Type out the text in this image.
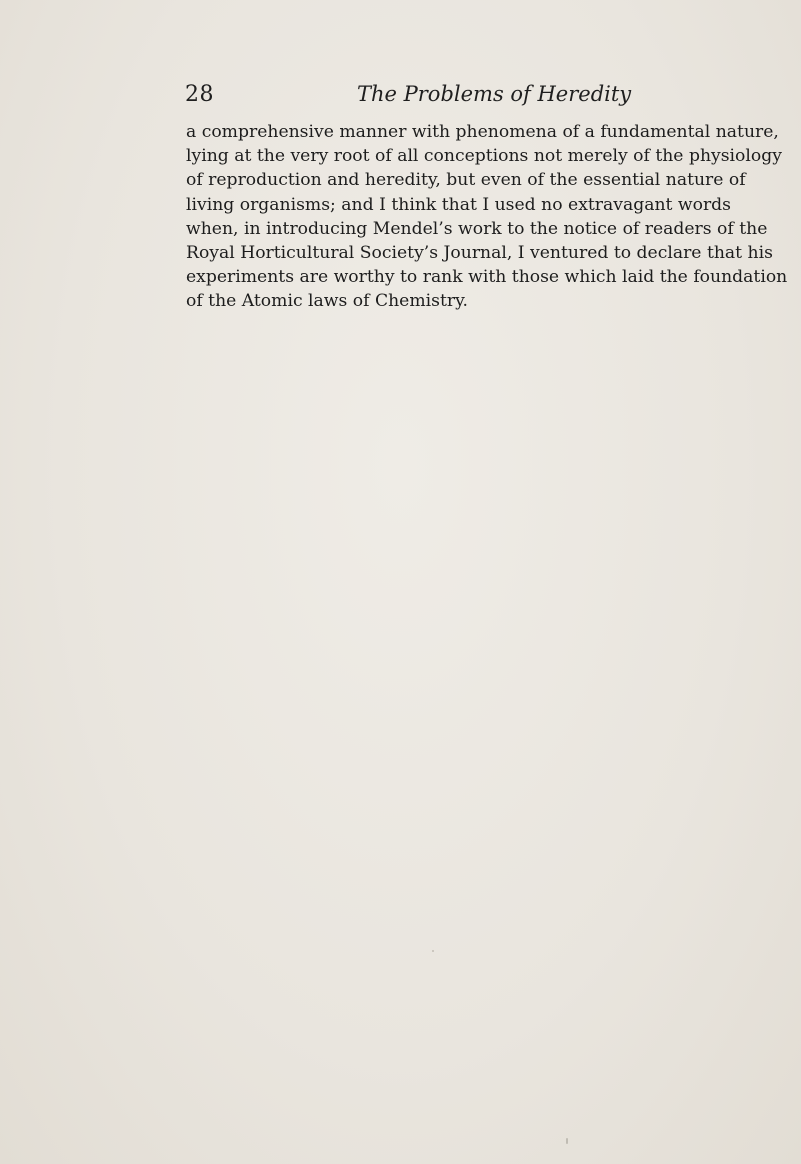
28	The Problems of Heredity
a comprehensive manner with phenomena of a fundamental nature,
lying at the very root of all conceptions not merely of the physiology
of reproduction and heredity, but even of the essential nature of
living organisms; and I think that I used no extravagant words
when, in introducing Mendel’s work to the notice of readers of the
Royal Horticultural Society’s Journal, I ventured to declare that his
experiments are worthy to rank with those which laid the foundation
of the Atomic laws of Chemistry.
